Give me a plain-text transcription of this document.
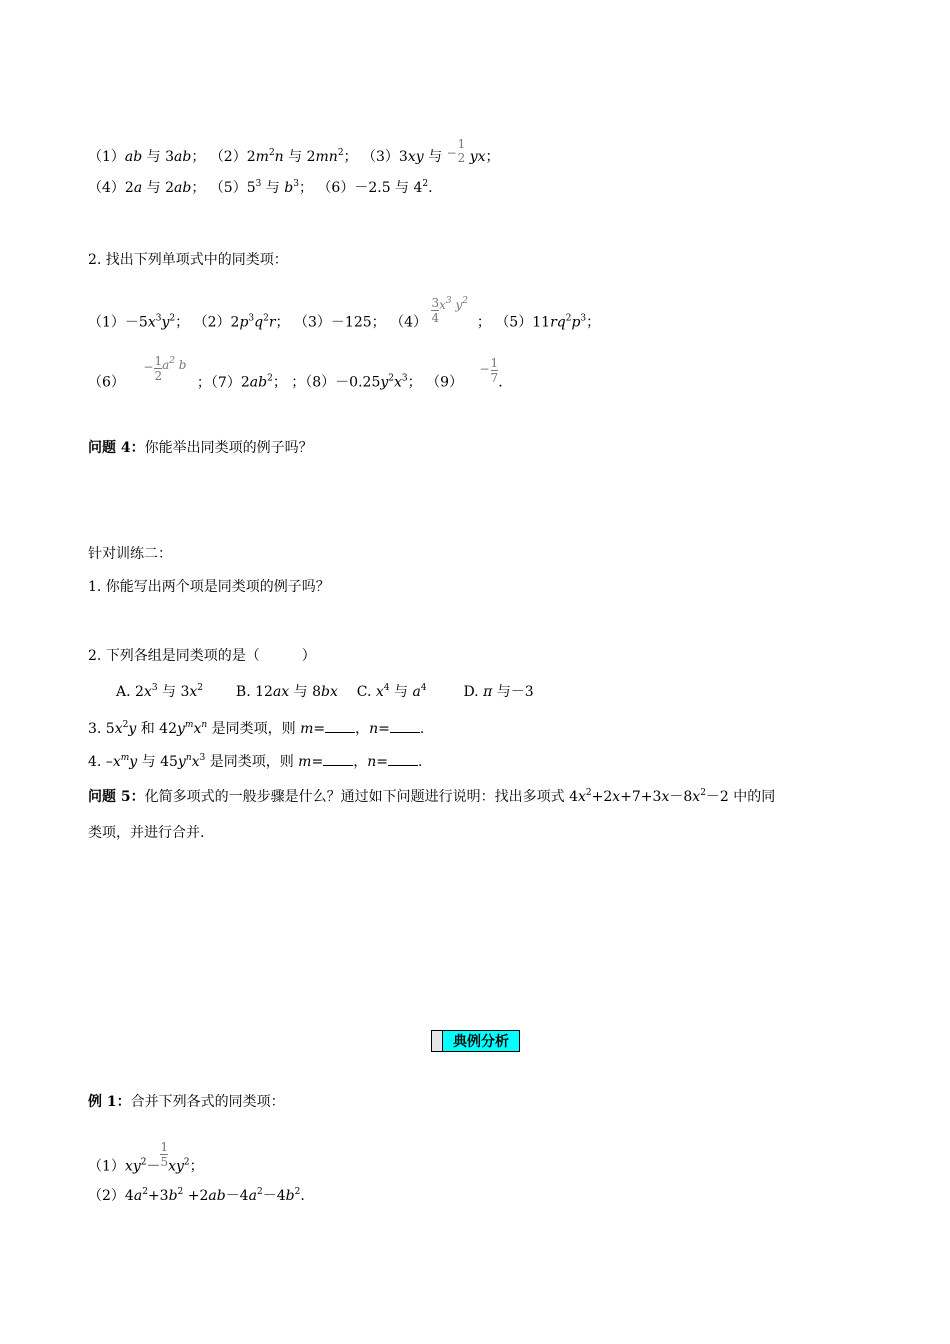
（1）ab 与 3ab； $(2)2m^2n$ 与 $2mn^2$； （3）3xy 与 −
1
2 yx；
（4）2a 与 2ab； $(5)5^3$ 与 $b^3$； （6）－2.5 与 $4^2$.
2. 找出下列单项式中的同类项：
$(1)-5x^3y^2$； $(2)2p^3q^2r$； （3）－125； $(4) \frac{3}{4} x^3$ $y^2$  ； $(5)11rq^2p^3$；
$(6) - \frac{1}{2} a^2$ b ；$(7)2ab^2$； ；$(8)-0.25y^2x^3$； $(9) - \frac{1}{7}$ .
问题 4：你能举出同类项的例子吗？
针对训练二：
1. 你能写出两个项是同类项的例子吗？
2. 下列各组是同类项的是（　　　）
A. $2x^3$ 与 $3x^2$ B. 12ax 与 8bx C. $x^4$ 与 $a^4$	D. π 与－3
3. $5x^2y$ 和 $42y^mx^n$ 是同类项，则 m= ，n= .
4. $-x^my$ 与 $45y^nx^3$ 是同类项，则 m= ，n= .
问题 5：化简多项式的一般步骤是什么？通过如下问题进行说明：找出多项式 $4x^2+2x+7+3x-8x^2-2$ 中的同
类项，并进行合并.
典例分析
例 1：合并下列各式的同类项：
$(1)xy^2- \frac{1}{5} xy^2$；
$(2)4a^2+3b^2 +2ab-4a^2-4b^2$.
